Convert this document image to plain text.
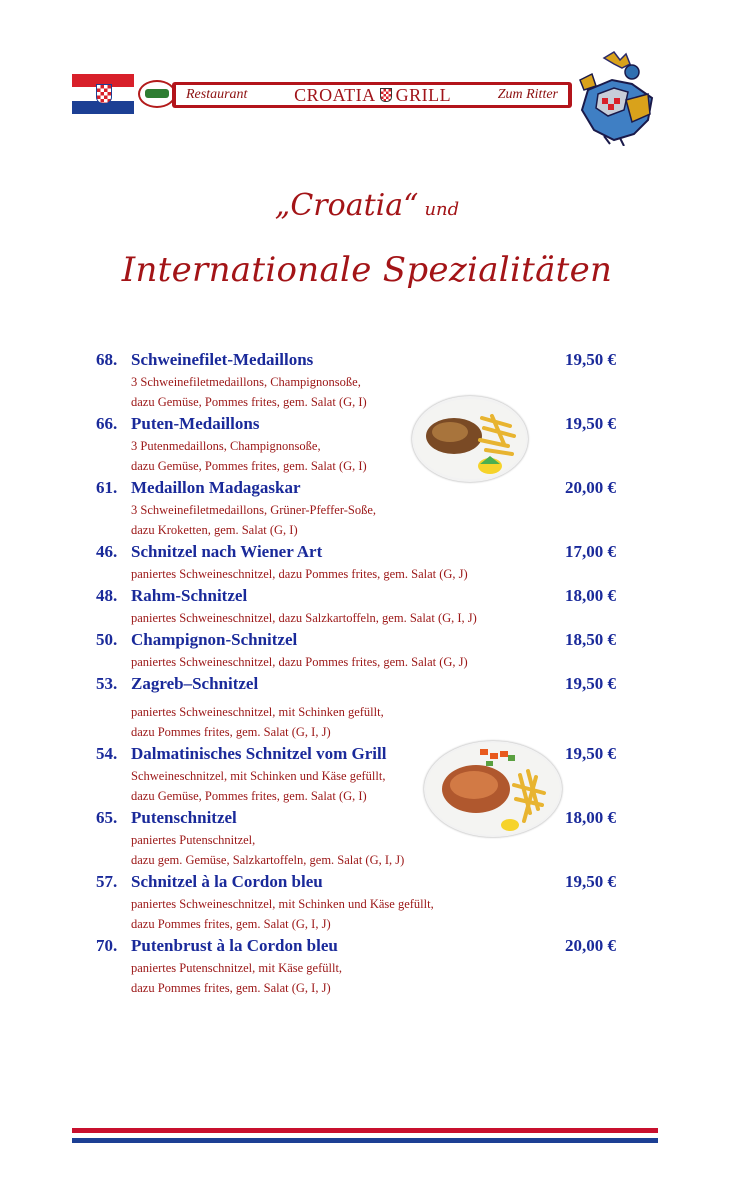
Restaurant	CROATIA GRILL	Zum Ritter
„Croatia“ und
Internationale Spezialitäten
68. Schweinefilet-Medaillons	19,50 €
3 Schweinefiletmedaillons, Champignonsoße,
dazu Gemüse, Pommes frites, gem. Salat (G, I)
66. Puten-Medaillons	19,50 €
3 Putenmedaillons, Champignonsoße,
dazu Gemüse, Pommes frites, gem. Salat (G, I)
61. Medaillon Madagaskar	20,00 €
3 Schweinefiletmedaillons, Grüner-Pfeffer-Soße,
dazu Kroketten, gem. Salat (G, I)
46. Schnitzel nach Wiener Art	17,00 €
paniertes Schweineschnitzel, dazu Pommes frites, gem. Salat (G, J)
48. Rahm-Schnitzel	18,00 €
paniertes Schweineschnitzel, dazu Salzkartoffeln, gem. Salat (G, I, J)
50. Champignon-Schnitzel	18,50 €
paniertes Schweineschnitzel, dazu Pommes frites, gem. Salat (G, J)
53. Zagreb–Schnitzel	19,50 €
paniertes Schweineschnitzel, mit Schinken gefüllt,
dazu Pommes frites, gem. Salat (G, I, J)
54. Dalmatinisches Schnitzel vom Grill	19,50 €
Schweineschnitzel, mit Schinken und Käse gefüllt,
dazu Gemüse, Pommes frites, gem. Salat (G, I)
65. Putenschnitzel	18,00 €
paniertes Putenschnitzel,
dazu gem. Gemüse, Salzkartoffeln, gem. Salat (G, I, J)
57. Schnitzel à la Cordon bleu	19,50 €
paniertes Schweineschnitzel, mit Schinken und Käse gefüllt,
dazu Pommes frites, gem. Salat (G, I, J)
70. Putenbrust à la Cordon bleu	20,00 €
paniertes Putenschnitzel, mit Käse gefüllt,
dazu Pommes frites, gem. Salat (G, I, J)
